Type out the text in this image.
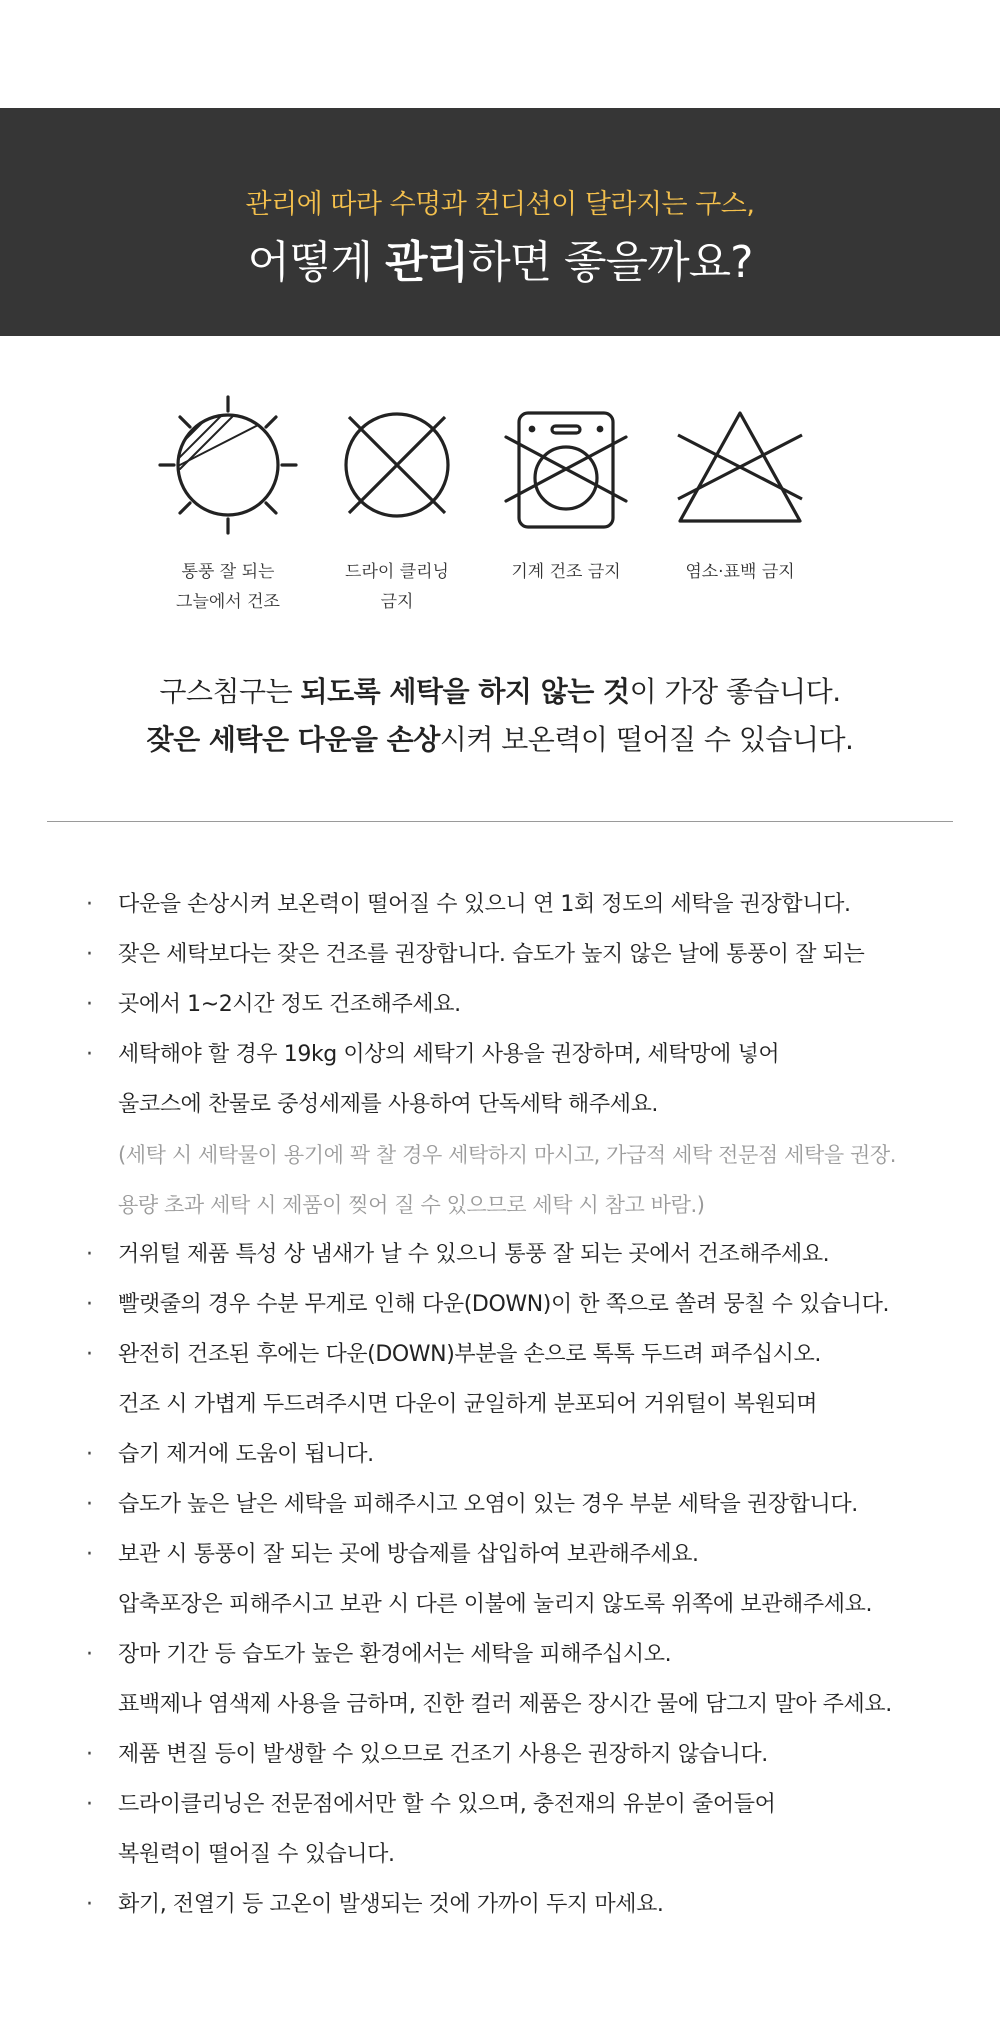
관리에 따라 수명과 컨디션이 달라지는 구스,
어떻게 관리하면 좋을까요?
통풍 잘 되는
그늘에서 건조
드라이 클리닝
금지
기계 건조 금지	염소·표백 금지

구스침구는 되도록 세탁을 하지 않는 것이 가장 좋습니다.

잦은 세탁은 다운을 손상시켜 보온력이 떨어질 수 있습니다.

· 다운을 손상시켜 보온력이 떨어질 수 있으니 연 1회 정도의 세탁을 권장합니다.
· 잦은 세탁보다는 잦은 건조를 권장합니다. 습도가 높지 않은 날에 통풍이 잘 되는
· 곳에서 1~2시간 정도 건조해주세요.
· 세탁해야 할 경우 19kg 이상의 세탁기 사용을 권장하며, 세탁망에 넣어
울코스에 찬물로 중성세제를 사용하여 단독세탁 해주세요.
(세탁 시 세탁물이 용기에 꽉 찰 경우 세탁하지 마시고, 가급적 세탁 전문점 세탁을 권장.
용량 초과 세탁 시 제품이 찢어 질 수 있으므로 세탁 시 참고 바람.)
· 거위털 제품 특성 상 냄새가 날 수 있으니 통풍 잘 되는 곳에서 건조해주세요.
· 빨랫줄의 경우 수분 무게로 인해 다운(DOWN)이 한 쪽으로 쏠려 뭉칠 수 있습니다.
· 완전히 건조된 후에는 다운(DOWN)부분을 손으로 톡톡 두드려 펴주십시오.
건조 시 가볍게 두드려주시면 다운이 균일하게 분포되어 거위털이 복원되며
· 습기 제거에 도움이 됩니다.
· 습도가 높은 날은 세탁을 피해주시고 오염이 있는 경우 부분 세탁을 권장합니다.
· 보관 시 통풍이 잘 되는 곳에 방습제를 삽입하여 보관해주세요.
압축포장은 피해주시고 보관 시 다른 이불에 눌리지 않도록 위쪽에 보관해주세요.
· 장마 기간 등 습도가 높은 환경에서는 세탁을 피해주십시오.
표백제나 염색제 사용을 금하며, 진한 컬러 제품은 장시간 물에 담그지 말아 주세요.
· 제품 변질 등이 발생할 수 있으므로 건조기 사용은 권장하지 않습니다.
· 드라이클리닝은 전문점에서만 할 수 있으며, 충전재의 유분이 줄어들어
복원력이 떨어질 수 있습니다.
· 화기, 전열기 등 고온이 발생되는 것에 가까이 두지 마세요.
